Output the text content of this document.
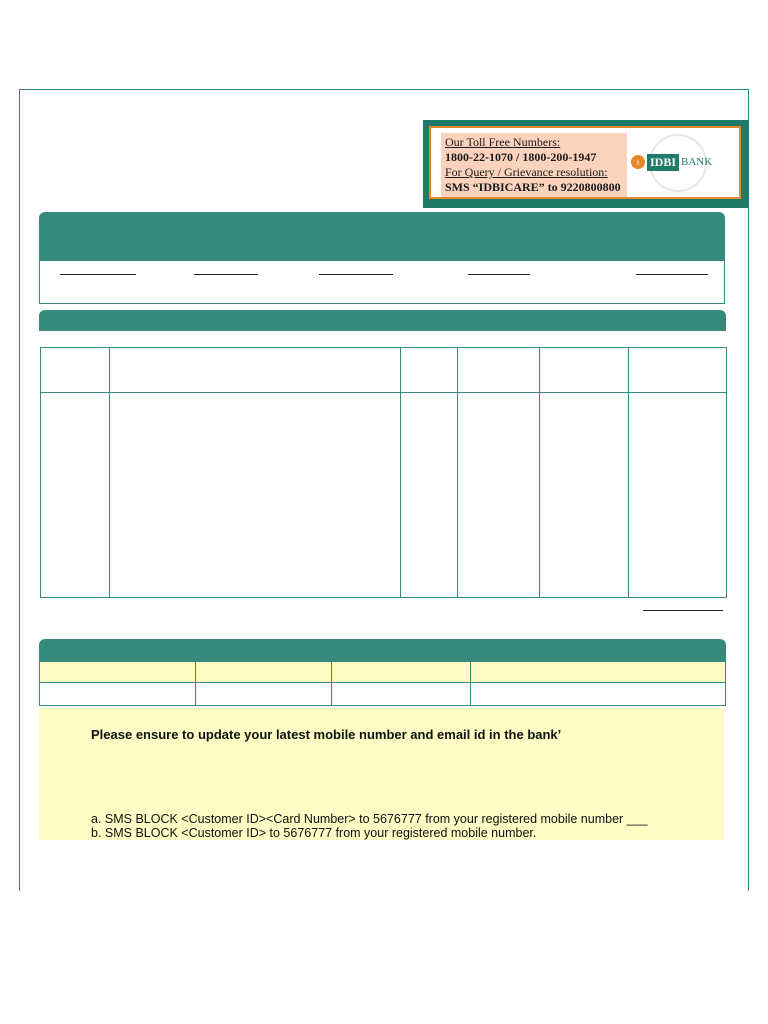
Our Toll Free Numbers:
1800-22-1070 / 1800-200-1947
For Query / Grievance resolution:
SMS “IDBICARE” to 9220800800
♁ IDBI BANK
Please ensure to update your latest mobile number and email id in the bank’
a. SMS BLOCK <Customer ID><Card Number> to 5676777 from your registered mobile number ___
b. SMS BLOCK <Customer ID> to 5676777 from your registered mobile number.
